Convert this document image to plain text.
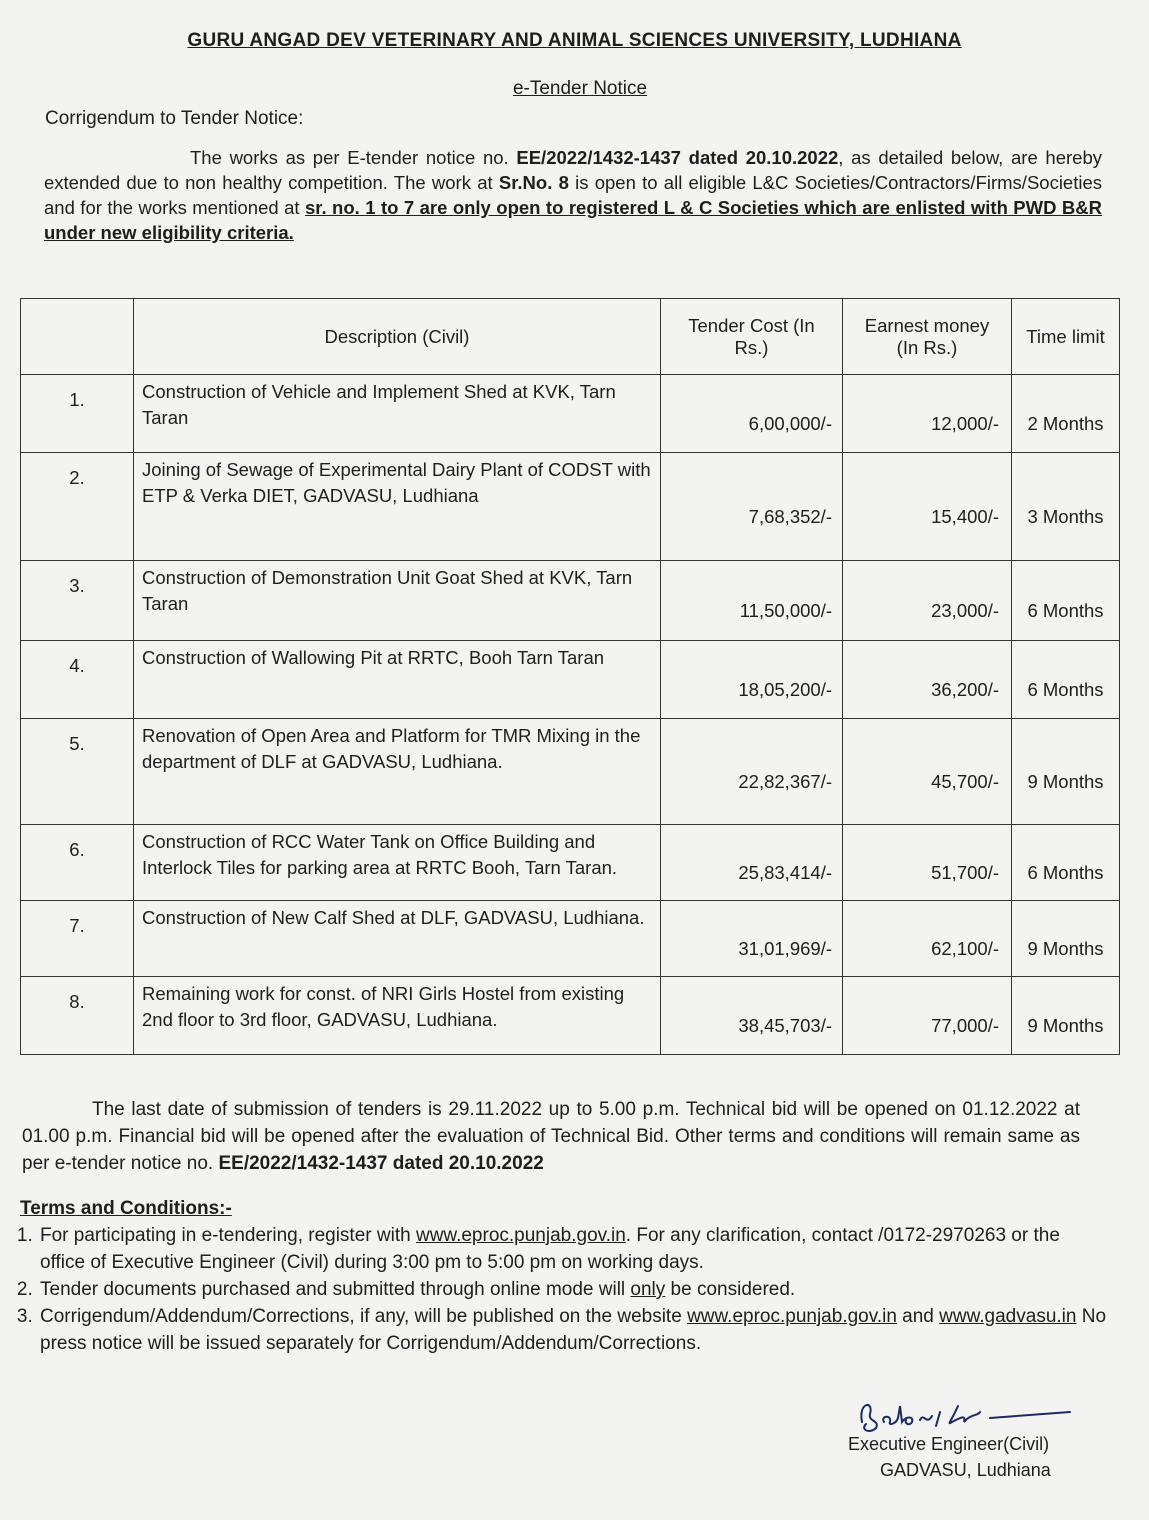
GURU ANGAD DEV VETERINARY AND ANIMAL SCIENCES UNIVERSITY, LUDHIANA
e-Tender Notice
Corrigendum to Tender Notice:
The works as per E-tender notice no. EE/2022/1432-1437 dated 20.10.2022, as detailed below, are hereby extended due to non healthy competition. The work at Sr.No. 8 is open to all eligible L&C Societies/Contractors/Firms/Societies and for the works mentioned at sr. no. 1 to 7 are only open to registered L & C Societies which are enlisted with PWD B&R under new eligibility criteria.
	Description (Civil)	Tender Cost (In Rs.)	Earnest money (In Rs.)	Time limit
1.	Construction of Vehicle and Implement Shed at KVK, Tarn Taran	6,00,000/-	12,000/-	2 Months
2.	Joining of Sewage of Experimental Dairy Plant of CODST with ETP & Verka DIET, GADVASU, Ludhiana	7,68,352/-	15,400/-	3 Months
3.	Construction of Demonstration Unit Goat Shed at KVK, Tarn Taran	11,50,000/-	23,000/-	6 Months
4.	Construction of Wallowing Pit at RRTC, Booh Tarn Taran	18,05,200/-	36,200/-	6 Months
5.	Renovation of Open Area and Platform for TMR Mixing in the department of DLF at GADVASU, Ludhiana.	22,82,367/-	45,700/-	9 Months
6.	Construction of RCC Water Tank on Office Building and Interlock Tiles for parking area at RRTC Booh, Tarn Taran.	25,83,414/-	51,700/-	6 Months
7.	Construction of New Calf Shed at DLF, GADVASU, Ludhiana.	31,01,969/-	62,100/-	9 Months
8.	Remaining work for const. of NRI Girls Hostel from existing 2nd floor to 3rd floor, GADVASU, Ludhiana.	38,45,703/-	77,000/-	9 Months
The last date of submission of tenders is 29.11.2022 up to 5.00 p.m. Technical bid will be opened on 01.12.2022 at 01.00 p.m. Financial bid will be opened after the evaluation of Technical Bid. Other terms and conditions will remain same as per e-tender notice no. EE/2022/1432-1437 dated 20.10.2022
Terms and Conditions:-
1. For participating in e-tendering, register with www.eproc.punjab.gov.in. For any clarification, contact /0172-2970263 or the office of Executive Engineer (Civil) during 3:00 pm to 5:00 pm on working days.
2. Tender documents purchased and submitted through online mode will only be considered.
3. Corrigendum/Addendum/Corrections, if any, will be published on the website www.eproc.punjab.gov.in and www.gadvasu.in No press notice will be issued separately for Corrigendum/Addendum/Corrections.
Executive Engineer(Civil)
GADVASU, Ludhiana
